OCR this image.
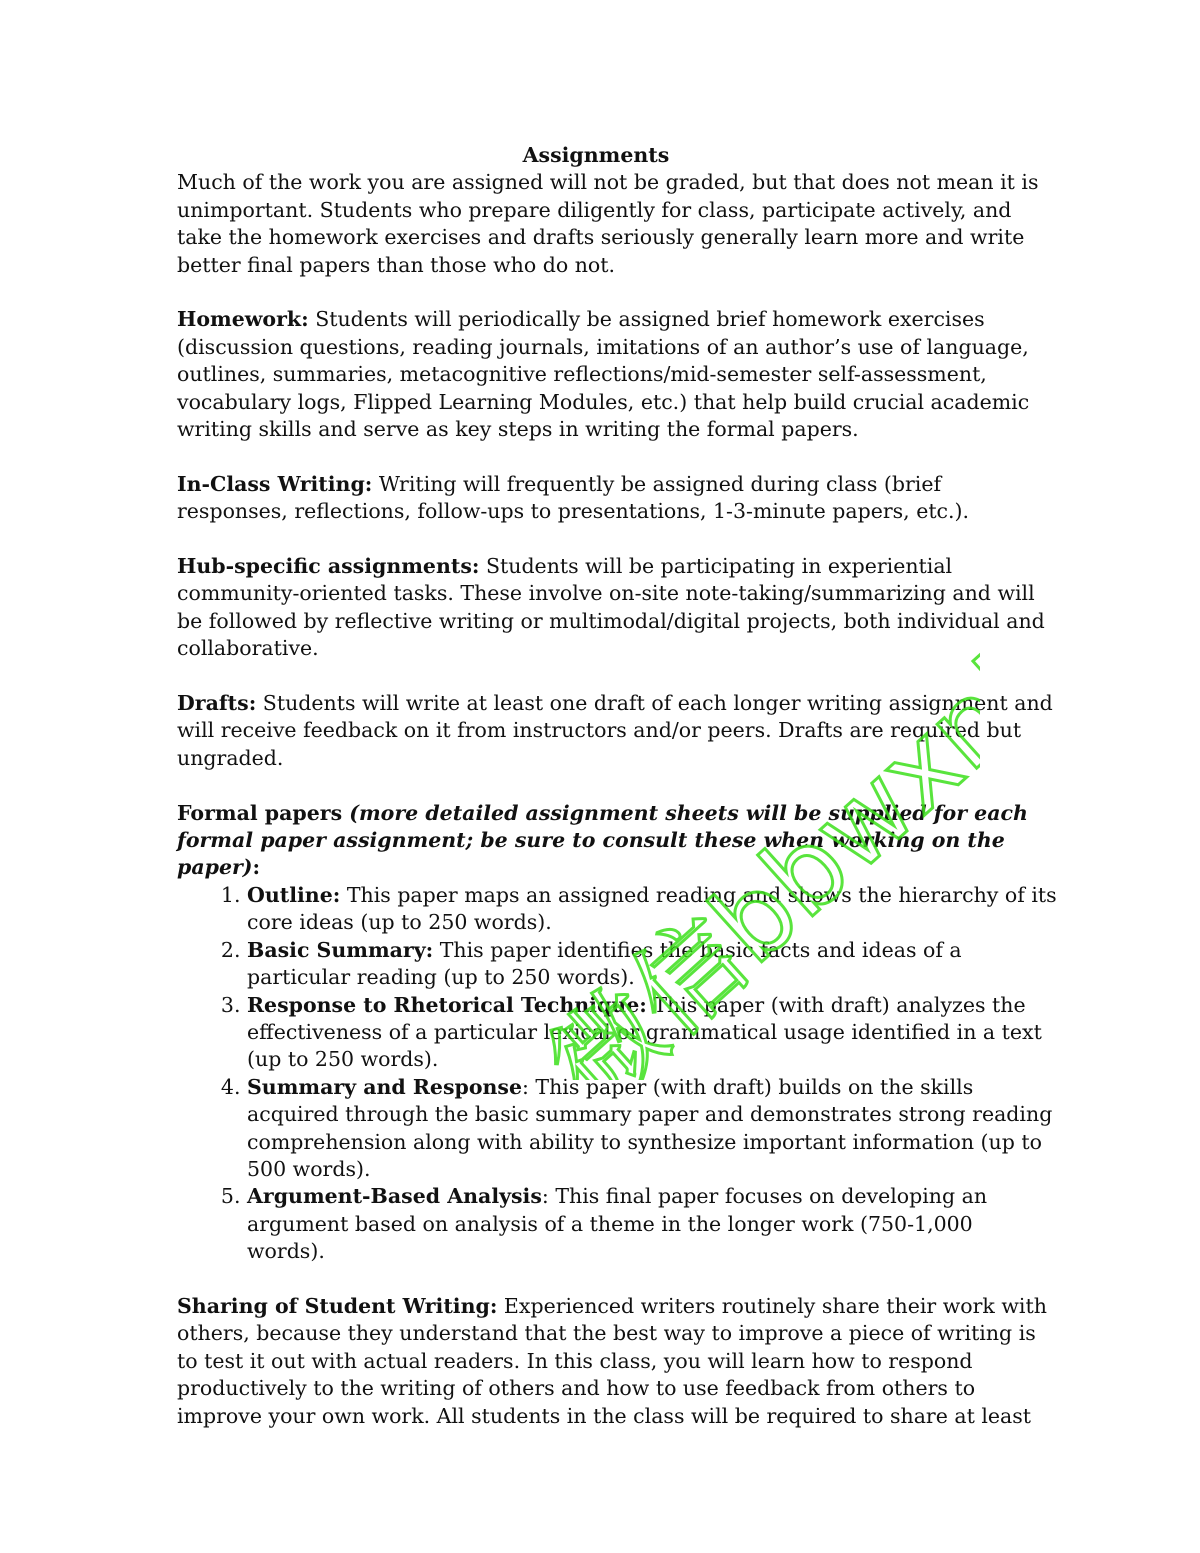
Assignments

Much of the work you are assigned will not be graded, but that does not mean it is unimportant. Students who prepare diligently for class, participate actively, and take the homework exercises and drafts seriously generally learn more and write better final papers than those who do not.

Homework: Students will periodically be assigned brief homework exercises (discussion questions, reading journals, imitations of an author’s use of language, outlines, summaries, metacognitive reflections/mid-semester self-assessment, vocabulary logs, Flipped Learning Modules, etc.) that help build crucial academic writing skills and serve as key steps in writing the formal papers.

In-Class Writing: Writing will frequently be assigned during class (brief responses, reflections, follow-ups to presentations, 1-3-minute papers, etc.).

Hub-specific assignments: Students will be participating in experiential community-oriented tasks. These involve on-site note-taking/summarizing and will be followed by reflective writing or multimodal/digital projects, both individual and collaborative.

Drafts: Students will write at least one draft of each longer writing assignment and will receive feedback on it from instructors and/or peers. Drafts are required but ungraded.

Formal papers (more detailed assignment sheets will be supplied for each formal paper assignment; be sure to consult these when working on the paper):

1. Outline: This paper maps an assigned reading and shows the hierarchy of its core ideas (up to 250 words).
2. Basic Summary: This paper identifies the basic facts and ideas of a particular reading (up to 250 words).
3. Response to Rhetorical Technique: This paper (with draft) analyzes the effectiveness of a particular lexical or grammatical usage identified in a text (up to 250 words).
4. Summary and Response: This paper (with draft) builds on the skills acquired through the basic summary paper and demonstrates strong reading comprehension along with ability to synthesize important information (up to 500 words).
5. Argument-Based Analysis: This final paper focuses on developing an argument based on analysis of a theme in the longer work (750-1,000 words).

Sharing of Student Writing: Experienced writers routinely share their work with others, because they understand that the best way to improve a piece of writing is to test it out with actual readers. In this class, you will learn how to respond productively to the writing of others and how to use feedback from others to improve your own work. All students in the class will be required to share at least

微信bbwxnly
